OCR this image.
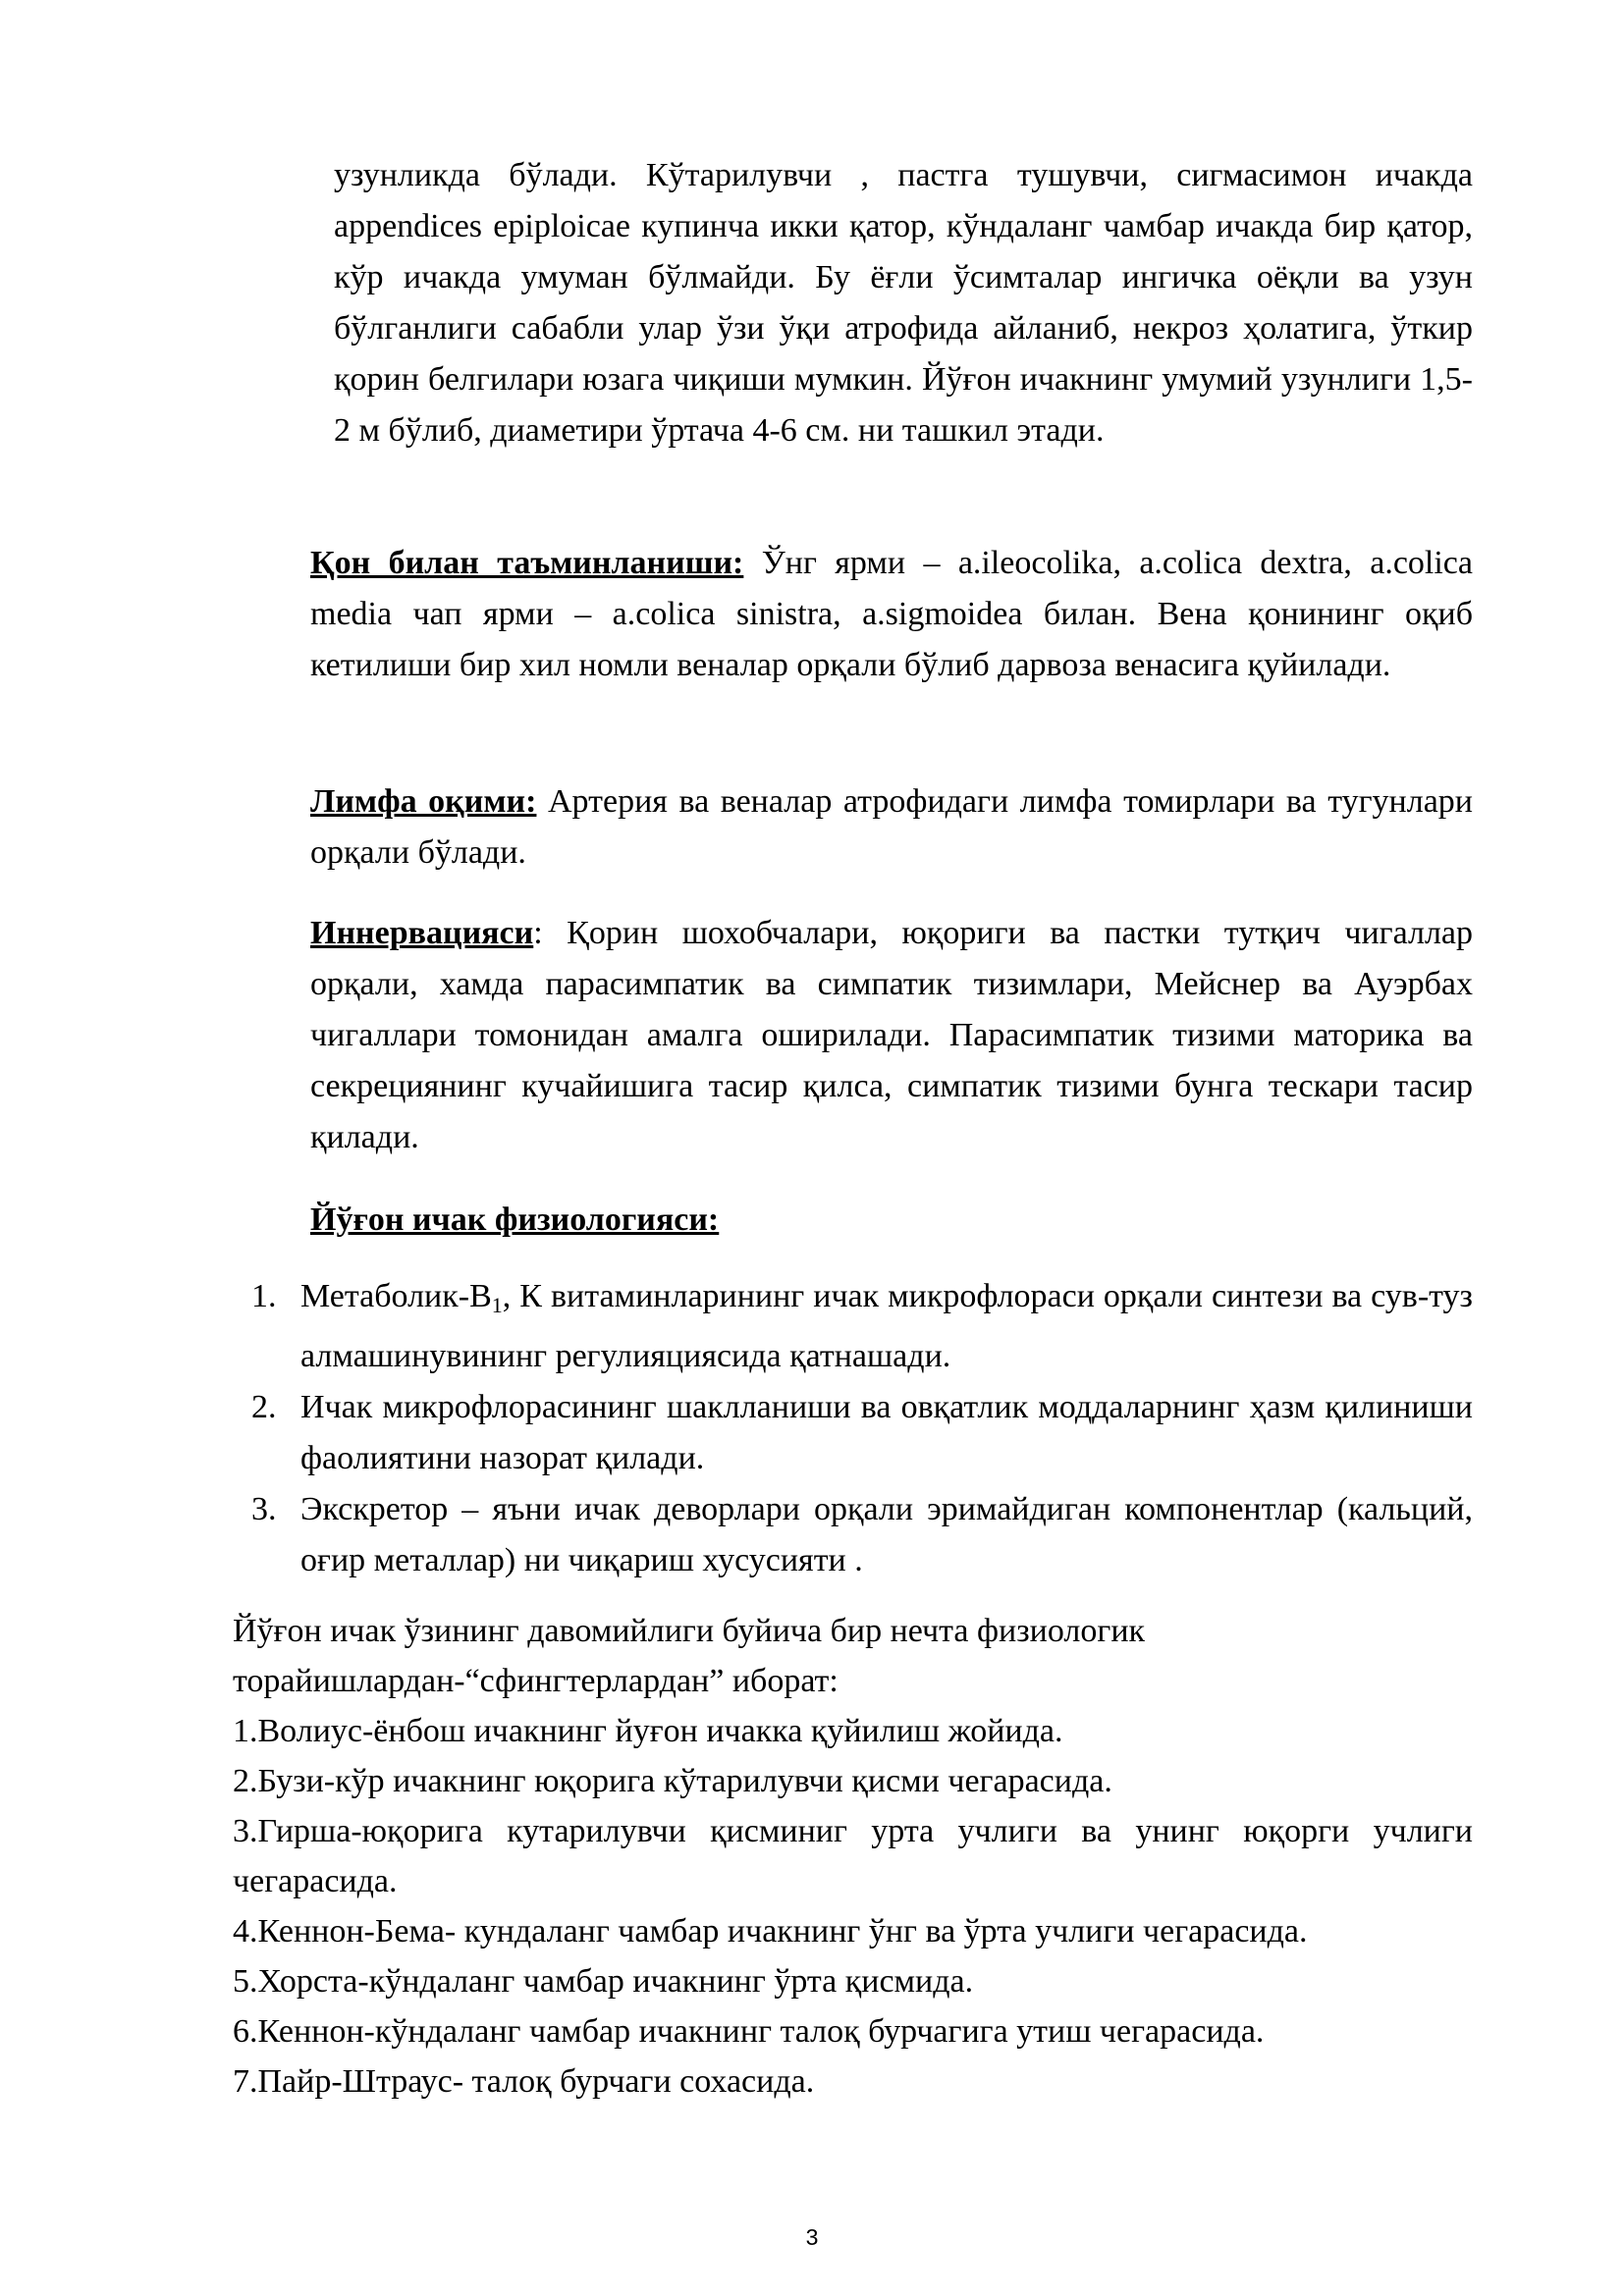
узунликда бўлади. Кўтарилувчи , пастга тушувчи, сигмасимон ичакда appendices epiploicae купинча икки қатор, кўндаланг чамбар ичакда бир қатор, кўр ичакда умуман бўлмайди. Бу ёғли ўсимталар ингичка оёқли ва узун бўлганлиги сабабли улар ўзи ўқи атрофида айланиб, некроз ҳолатига, ўткир қорин белгилари юзага чиқиши мумкин. Йўғон ичакнинг умумий узунлиги 1,5-2 м бўлиб, диаметири ўртача 4-6 см. ни ташкил этади.

Қон билан таъминланиши: Ўнг ярми – a.ileocolika, a.colica dextra, a.colica media чап ярми – a.colica sinistra, a.sigmoidea билан. Вена қонининг оқиб кетилиши бир хил номли веналар орқали бўлиб дарвоза венасига қуйилади.

Лимфа оқими: Артерия ва веналар атрофидаги лимфа томирлари ва тугунлари орқали бўлади.

Иннервацияси: Қорин шохобчалари, юқориги ва пастки тутқич чигаллар орқали, хамда парасимпатик ва симпатик тизимлари, Мейснер ва Ауэрбах чигаллари томонидан амалга оширилади. Парасимпатик тизими маторика ва секрециянинг кучайишига тасир қилса, симпатик тизими бунга тескари тасир қилади.

Йўғон ичак физиологияси:

1. Метаболик-$В_1$, К витаминларининг ичак микрофлораси орқали синтези ва сув-туз алмашинувининг регулияциясида қатнашади.
2. Ичак микрофлорасининг шаклланиши ва овқатлик моддаларнинг ҳазм қилиниши фаолиятини назорат қилади.
3. Экскретор – яъни ичак деворлари орқали эримайдиган компонентлар (кальций, оғир металлар) ни чиқариш хусусияти .

Йўғон ичак ўзининг давомийлиги буйича бир нечта физиологик торайишлардан-“сфингтерлардан” иборат:

1.Волиус-ёнбош ичакнинг йуғон ичакка қуйилиш жойида.
2.Бузи-кўр ичакнинг юқорига кўтарилувчи қисми чегарасида.
3.Гирша-юқорига кутарилувчи қисминиг урта учлиги ва унинг юқорги учлиги чегарасида.
4.Кеннон-Бема- кундаланг чамбар ичакнинг ўнг ва ўрта учлиги чегарасида.
5.Хорста-кўндаланг чамбар ичакнинг ўрта қисмида.
6.Кеннон-кўндаланг чамбар ичакнинг талоқ бурчагига утиш чегарасида.
7.Пайр-Штраус- талоқ бурчаги сохасида.
3
